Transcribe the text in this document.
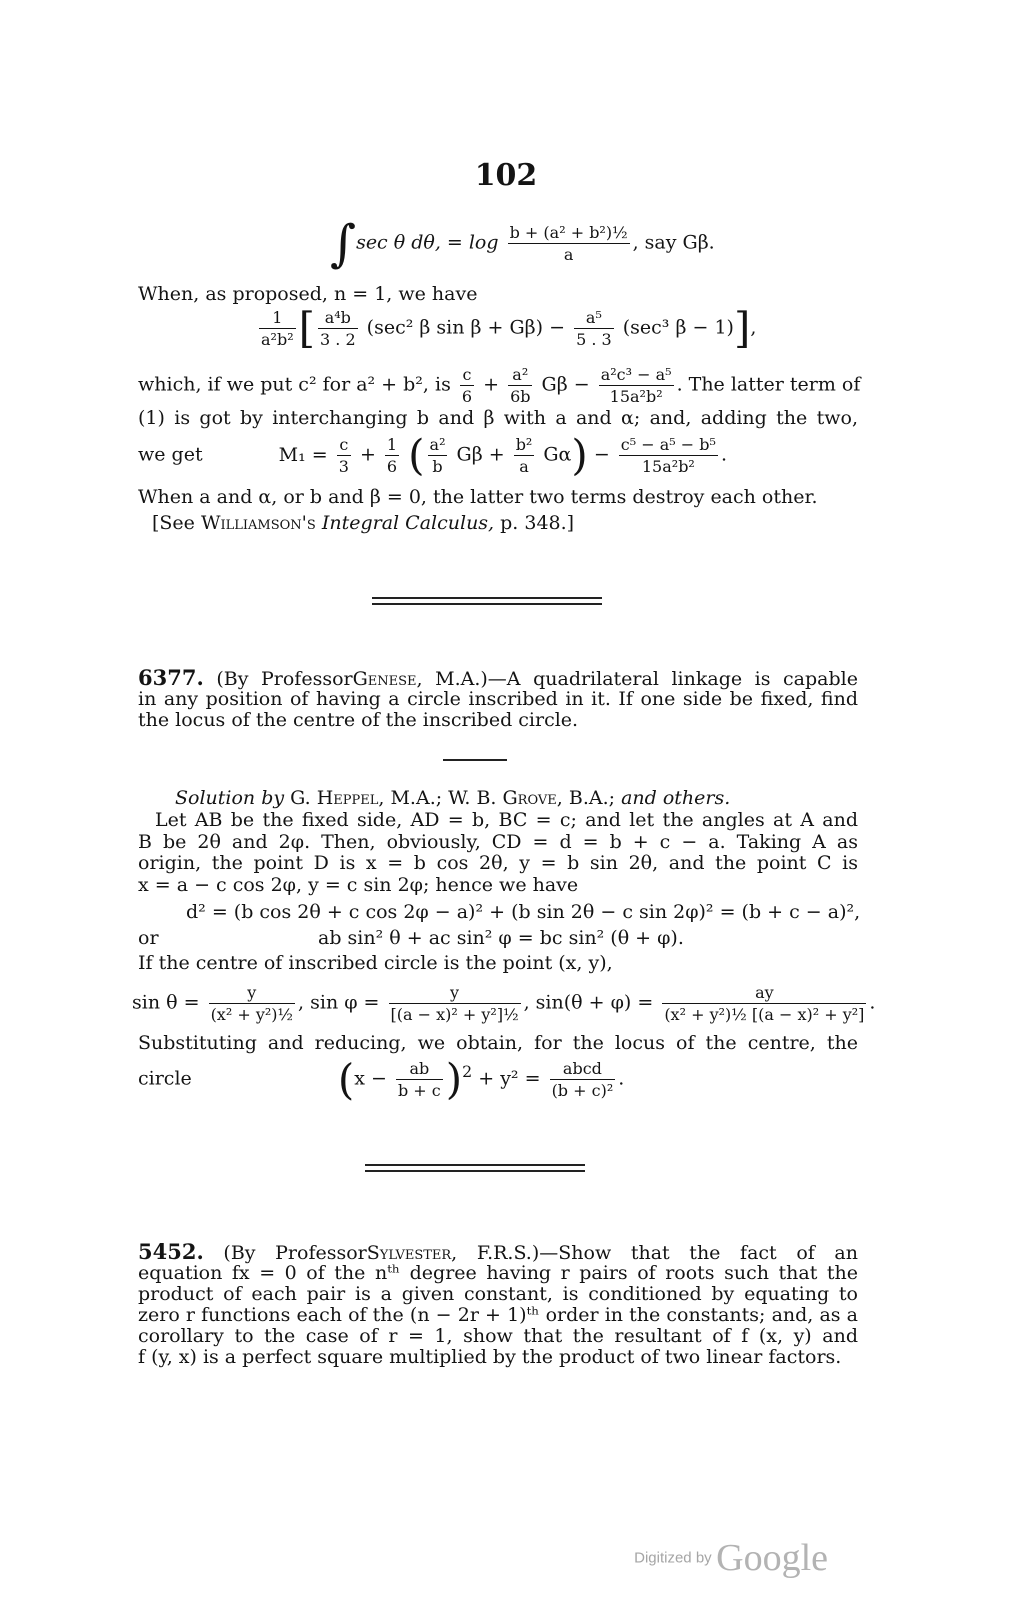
102
∫sec θ dθ, = $\log \frac{\text{b + (a² + b²)½}}{a}$ , say Gβ.
When, as proposed, n = 1, we have
$\frac{1}{\text{a²b²}}$ [ $\frac{\text{a⁴b}}{3 . 2} (\sec^2$ β $\sin \beta + G\beta) - \frac{\text{a⁵}}{5 . 3} (\sec^3$ β − 1)],
which, if we put c² for a² + b², is $\frac{c}{6} + \frac{\text{a²}}{6b}$ $G\beta - \frac{\text{a²c³ − a⁵}}{\text{15a²b²}}$ . The latter term of
(1) is got by interchanging b and β with a and α; and, adding the two,
we get	$M_1 = \frac{c}{3} + \frac{1}{6}$ ( $\frac{\text{a²}}{b}$ $G\beta + \frac{\text{b²}}{a} G\alpha) - \frac{\text{c⁵ − a⁵ − b⁵}}{\text{15a²b²}}$ .
When a and α, or b and β = 0, the latter two terms destroy each other.
[See Williamson's Integral Calculus, p. 348.]
6377. (By ProfessorGenese, M.A.)—A quadrilateral linkage is capable
in any position of having a circle inscribed in it. If one side be fixed, find
the locus of the centre of the inscribed circle.
Solution by G. Heppel, M.A.; W. B. Grove, B.A.; and others.
Let AB be the fixed side, AD = b, BC = c; and let the angles at A and
B be 2θ and 2φ. Then, obviously, CD = d = b + c − a. Taking A as
origin, the point D is x = b cos 2θ, y = b sin 2θ, and the point C is
x = a − c cos 2φ, y = c sin 2φ; hence we have
d² = (b cos 2θ + c cos 2φ − a)² + (b sin 2θ − c sin 2φ)² = (b + c − a)²,
or	ab sin² θ + ac sin² φ = bc sin² (θ + φ).
If the centre of inscribed circle is the point (x, y),
$\sin \theta = \frac{y}{\text{(x² + y²)½}}$ , $\sin \varphi = \frac{y}{\text{[(a − x)² + y²]½}}$ , $\sin(\theta + \varphi) = \frac{ay}{\text{(x² + y²)½ [(a − x)² + y²]}}$ .
Substituting and reducing, we obtain, for the locus of the centre, the
circle	$(x - \frac{ab}{b + c} )^2 + y^2 = \frac{\text{abcd}}{\text{(b + c)²}}$ .
5452. (By ProfessorSylvester, F.R.S.)—Show that the fact of an
equation fx = 0 of the nᵗʰ degree having r pairs of roots such that the
product of each pair is a given constant, is conditioned by equating to
zero r functions each of the (n − 2r + 1)ᵗʰ order in the constants; and, as a
corollary to the case of r = 1, show that the resultant of f (x, y) and
f (y, x) is a perfect square multiplied by the product of two linear factors.
Digitized by Google
